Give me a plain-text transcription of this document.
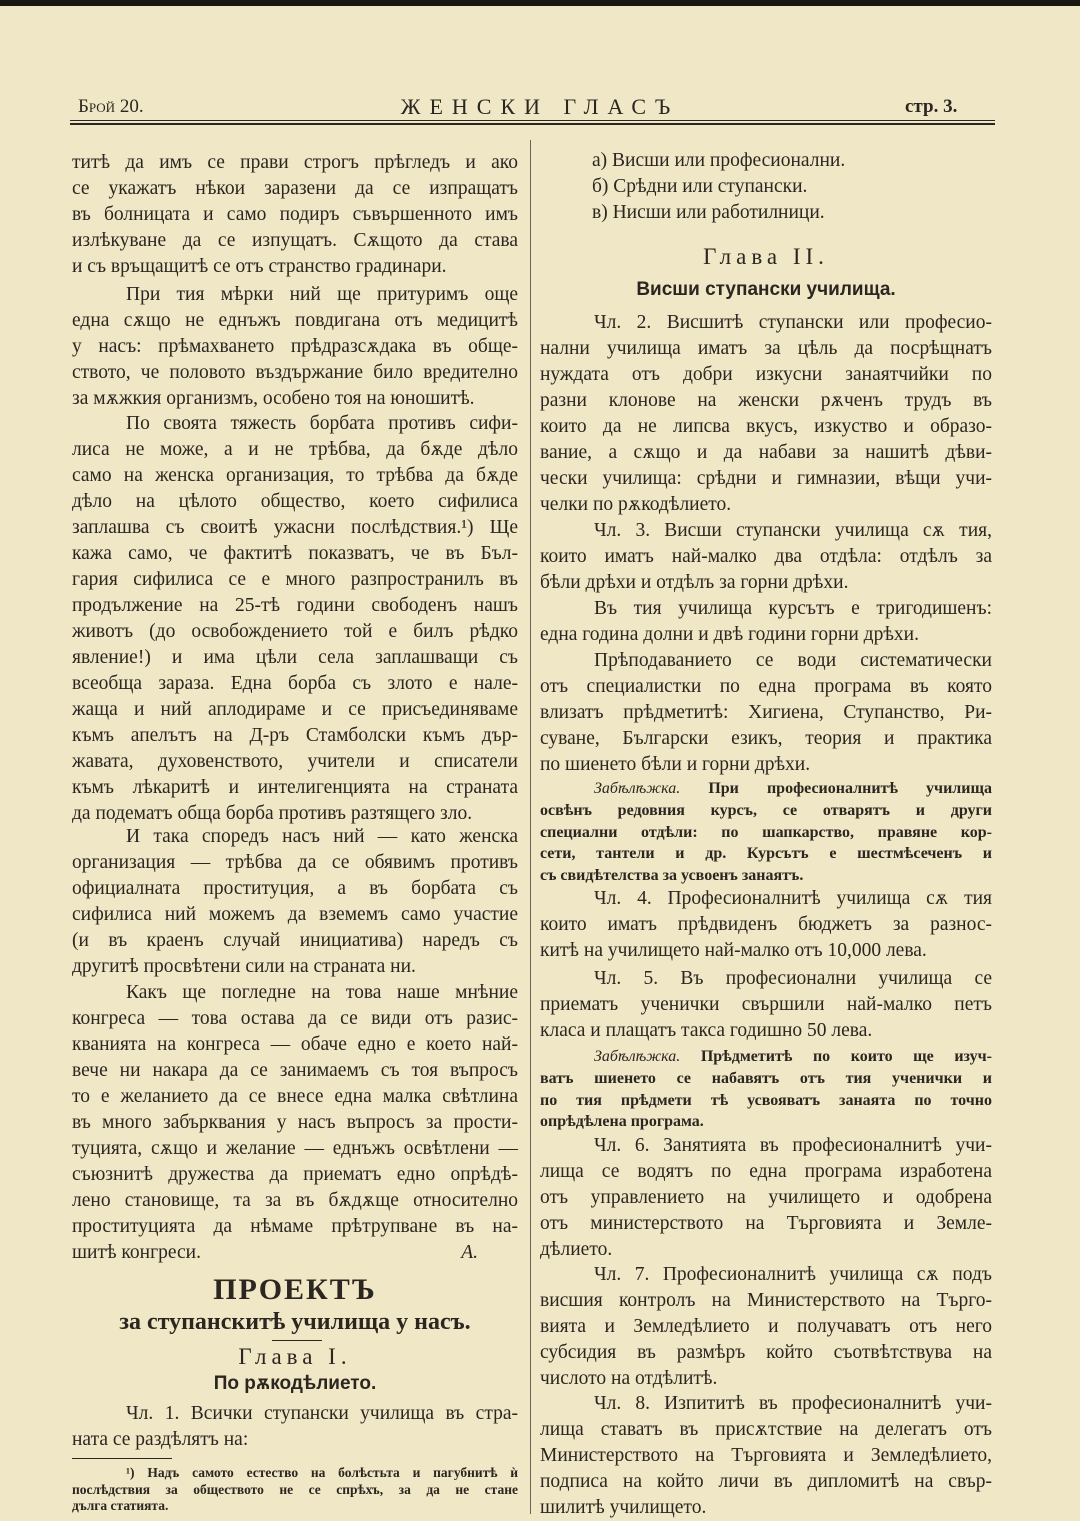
Брой 20.	ЖЕНСКИ ГЛАСЪ	стр. 3.
титѣ да имъ се прави строгъ прѣгледъ и ако
се укажатъ нѣкои заразени да се изпращатъ
въ болницата и само подиръ съвършенното имъ
излѣкуване да се изпущатъ. Сѫщото да става
и съ връщащитѣ се отъ странство градинари.
При тия мѣрки ний ще притуримъ още
една сѫщо не еднъжъ повдигана отъ медицитѣ
у насъ: прѣмахването прѣдразсѫдака въ обще-
ството, че половото въздържание било вредително
за мѫжкия организмъ, особено тоя на юношитѣ.
По своята тяжесть борбата противъ сифи-
лиса не може, а и не трѣбва, да бѫде дѣло
само на женска организация, то трѣбва да бѫде
дѣло на цѣлото общество, което сифилиса
заплашва съ своитѣ ужасни послѣдствия.¹) Ще
кажа само, че фактитѣ показватъ, че въ Бъл-
гария сифилиса се е много разпространилъ въ
продължение на 25-тѣ години свободенъ нашъ
животъ (до освобождението той е билъ рѣдко
явление!) и има цѣли села заплашващи съ
всеобща зараза. Една борба съ злото е нале-
жаща и ний аплодираме и се присъединяваме
къмъ апелътъ на Д-ръ Стамболски къмъ дър-
жавата, духовенството, учители и списатели
къмъ лѣкаритѣ и интелигенцията на страната
да подематъ обща борба противъ разтящего зло.
И така споредъ насъ ний — като женска
организация — трѣбва да се обявимъ противъ
официалната проституция, а въ борбата съ
сифилиса ний можемъ да вземемъ само участие
(и въ краенъ случай инициатива) наредъ съ
другитѣ просвѣтени сили на страната ни.
Какъ ще погледне на това наше мнѣние
конгреса — това остава да се види отъ разис-
кванията на конгреса — обаче едно е което най-
вече ни накара да се занимаемъ съ тоя въпросъ
то е желанието да се внесе една малка свѣтлина
въ много забърквания у насъ въпросъ за прости-
туцията, сѫщо и желание — еднъжъ освѣтлени —
съюзнитѣ дружества да приематъ едно опрѣдѣ-
лено становище, та за въ бѫдѫще относително
проституцията да нѣмаме прѣтрупване въ на-
шитѣ конгреси.	А.
а) Висши или професионални.
б) Срѣдни или ступански.
в) Нисши или работилници.
Чл. 2. Висшитѣ ступански или професио-
нални училища иматъ за цѣль да посрѣщнатъ
нуждата отъ добри изкусни занаятчийки по
разни клонове на женски рѫченъ трудъ въ
които да не липсва вкусъ, изкуство и образо-
вание, а сѫщо и да набави за нашитѣ дѣви-
чески училища: срѣдни и гимназии, вѣщи учи-
челки по рѫкодѣлието.
Чл. 3. Висши ступански училища сѫ тия,
които иматъ най-малко два отдѣла: отдѣлъ за
бѣли дрѣхи и отдѣлъ за горни дрѣхи.
Въ тия училища курсътъ е тригодишенъ:
една година долни и двѣ години горни дрѣхи.
Прѣподаванието се води систематически
отъ специалистки по една програма въ която
влизатъ прѣдметитѣ: Хигиена, Ступанство, Ри-
суване, Български езикъ, теория и практика
по шиенето бѣли и горни дрѣхи.
Забѣлѣжка. При професионалнитѣ училища
освѣнъ редовния курсъ, се отварятъ и други
специални отдѣли: по шапкарство, правяне кор-
сети, тантели и др. Курсътъ е шестмѣсеченъ и
съ свидѣтелства за усвоенъ занаятъ.
Чл. 4. Професионалнитѣ училища сѫ тия
които иматъ прѣдвиденъ бюджетъ за разнос-
китѣ на училището най-малко отъ 10,000 лева.
Чл. 5. Въ професионални училища се
приематъ ученички свършили най-малко петъ
класа и плащатъ такса годишно 50 лева.
Забѣлѣжка. Прѣдметитѣ по които ще изуч-
ватъ шиенето се набавятъ отъ тия ученички и
по тия прѣдмети тѣ усвояватъ занаята по точно
опрѣдѣлена програма.
Чл. 6. Занятията въ професионалнитѣ учи-
лища се водятъ по една програма изработена
отъ управлението на училището и одобрена
отъ министерството на Търговията и Земле-
дѣлието.
Чл. 7. Професионалнитѣ училища сѫ подъ
висшия контролъ на Министерството на Търго-
вията и Земледѣлието и получаватъ отъ него
субсидия въ размѣръ който съотвѣтствува на
числото на отдѣлитѣ.
Чл. 8. Изпититѣ въ професионалнитѣ учи-
лища ставатъ въ присѫтствие на делегатъ отъ
Министерството на Търговията и Земледѣлието,
подписа на който личи въ дипломитѣ на свър-
шилитѣ училището.
ПРОЕКТЪ
за ступанскитѣ училища у насъ.
Глава I.
По рѫкодѣлието.
Чл. 1. Всички ступански училища въ стра-
ната се раздѣлятъ на:
¹) Надъ самото естество на болѣстьта и пагубнитѣ ѝ
послѣдствия за обществото не се спрѣхъ, за да не стане
дълга статията.
Глава II.
Висши ступански училища.
